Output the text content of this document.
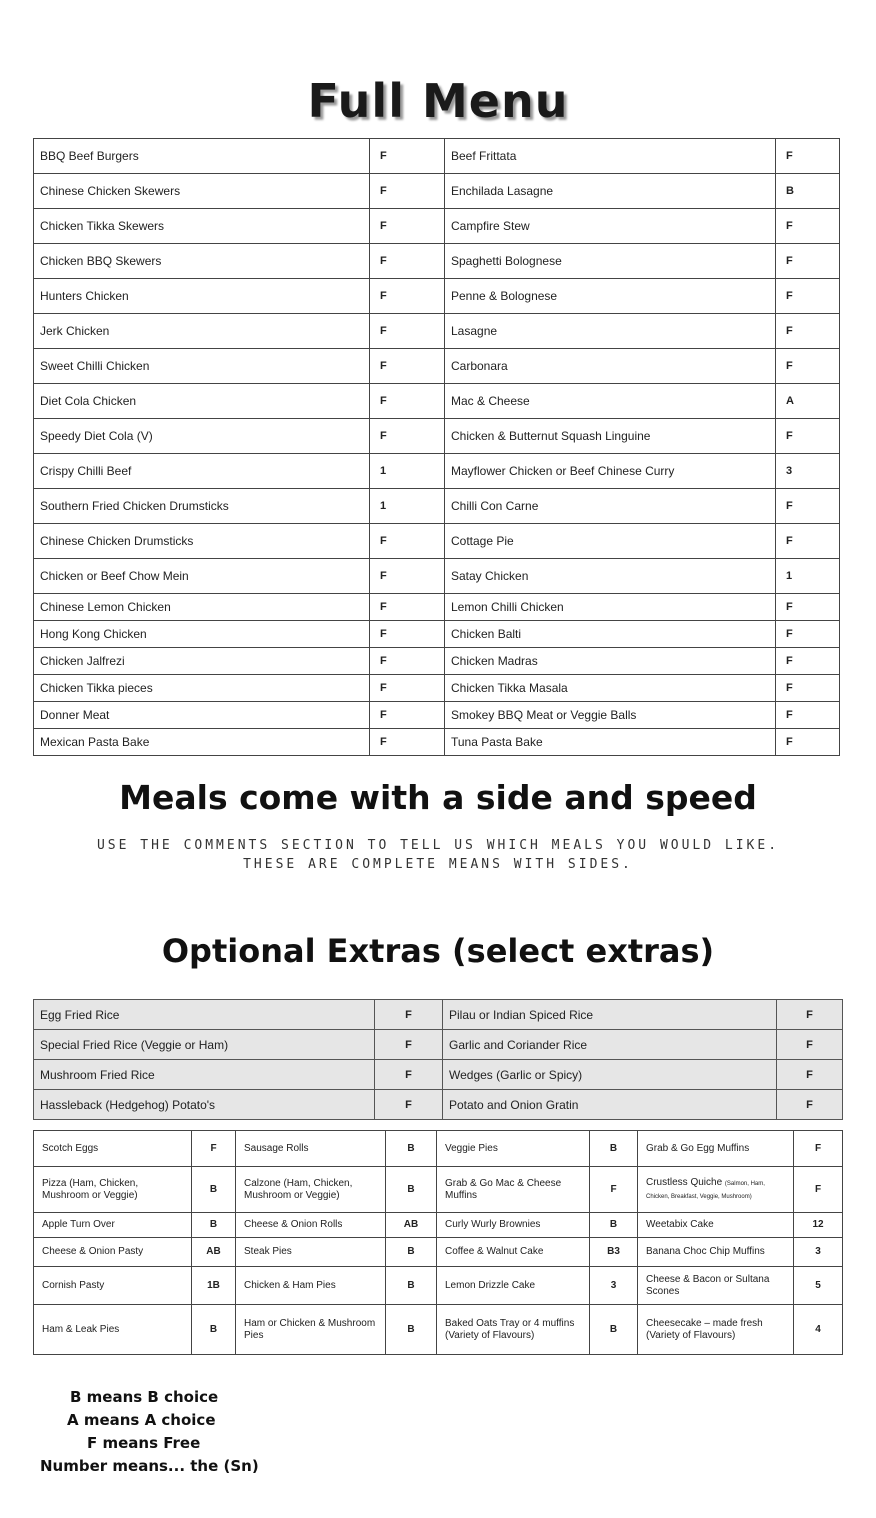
Full Menu
BBQ Beef Burgers	F	Beef Frittata	F
Chinese Chicken Skewers	F	Enchilada Lasagne	B
Chicken Tikka Skewers	F	Campfire Stew	F
Chicken BBQ Skewers	F	Spaghetti Bolognese	F
Hunters Chicken	F	Penne & Bolognese	F
Jerk Chicken	F	Lasagne	F
Sweet Chilli Chicken	F	Carbonara	F
Diet Cola Chicken	F	Mac & Cheese	A
Speedy Diet Cola (V)	F	Chicken & Butternut Squash Linguine	F
Crispy Chilli Beef	1	Mayflower Chicken or Beef Chinese Curry	3
Southern Fried Chicken Drumsticks	1	Chilli Con Carne	F
Chinese Chicken Drumsticks	F	Cottage Pie	F
Chicken or Beef Chow Mein	F	Satay Chicken	1
Chinese Lemon Chicken	F	Lemon Chilli Chicken	F
Hong Kong Chicken	F	Chicken Balti	F
Chicken Jalfrezi	F	Chicken Madras	F
Chicken Tikka pieces	F	Chicken Tikka Masala	F
Donner Meat	F	Smokey BBQ Meat or Veggie Balls	F
Mexican Pasta Bake	F	Tuna Pasta Bake	F
Meals come with a side and speed
USE THE COMMENTS SECTION TO TELL US WHICH MEALS YOU WOULD LIKE.
THESE ARE COMPLETE MEANS WITH SIDES.
Optional Extras (select extras)
Egg Fried Rice	F	Pilau or Indian Spiced Rice	F
Special Fried Rice (Veggie or Ham)	F	Garlic and Coriander Rice	F
Mushroom Fried Rice	F	Wedges (Garlic or Spicy)	F
Hassleback (Hedgehog) Potato's	F	Potato and Onion Gratin	F
Scotch Eggs	F	Sausage Rolls	B	Veggie Pies	B	Grab & Go Egg Muffins	F
Pizza (Ham, Chicken, Mushroom or Veggie)	B	Calzone (Ham, Chicken, Mushroom or Veggie)	B	Grab & Go Mac & Cheese Muffins	F	Crustless Quiche (Salmon, Ham, Chicken, Breakfast, Veggie, Mushroom)	F
Apple Turn Over	B	Cheese & Onion Rolls	AB	Curly Wurly Brownies	B	Weetabix Cake	12
Cheese & Onion Pasty	AB	Steak Pies	B	Coffee & Walnut Cake	B3	Banana Choc Chip Muffins	3
Cornish Pasty	1B	Chicken & Ham Pies	B	Lemon Drizzle Cake	3	Cheese & Bacon or Sultana Scones	5
Ham & Leak Pies	B	Ham or Chicken & Mushroom Pies	B	Baked Oats Tray or 4 muffins (Variety of Flavours)	B	Cheesecake – made fresh (Variety of Flavours)	4
B means B choice
A means A choice
F means Free
Number means... the (Sn)
